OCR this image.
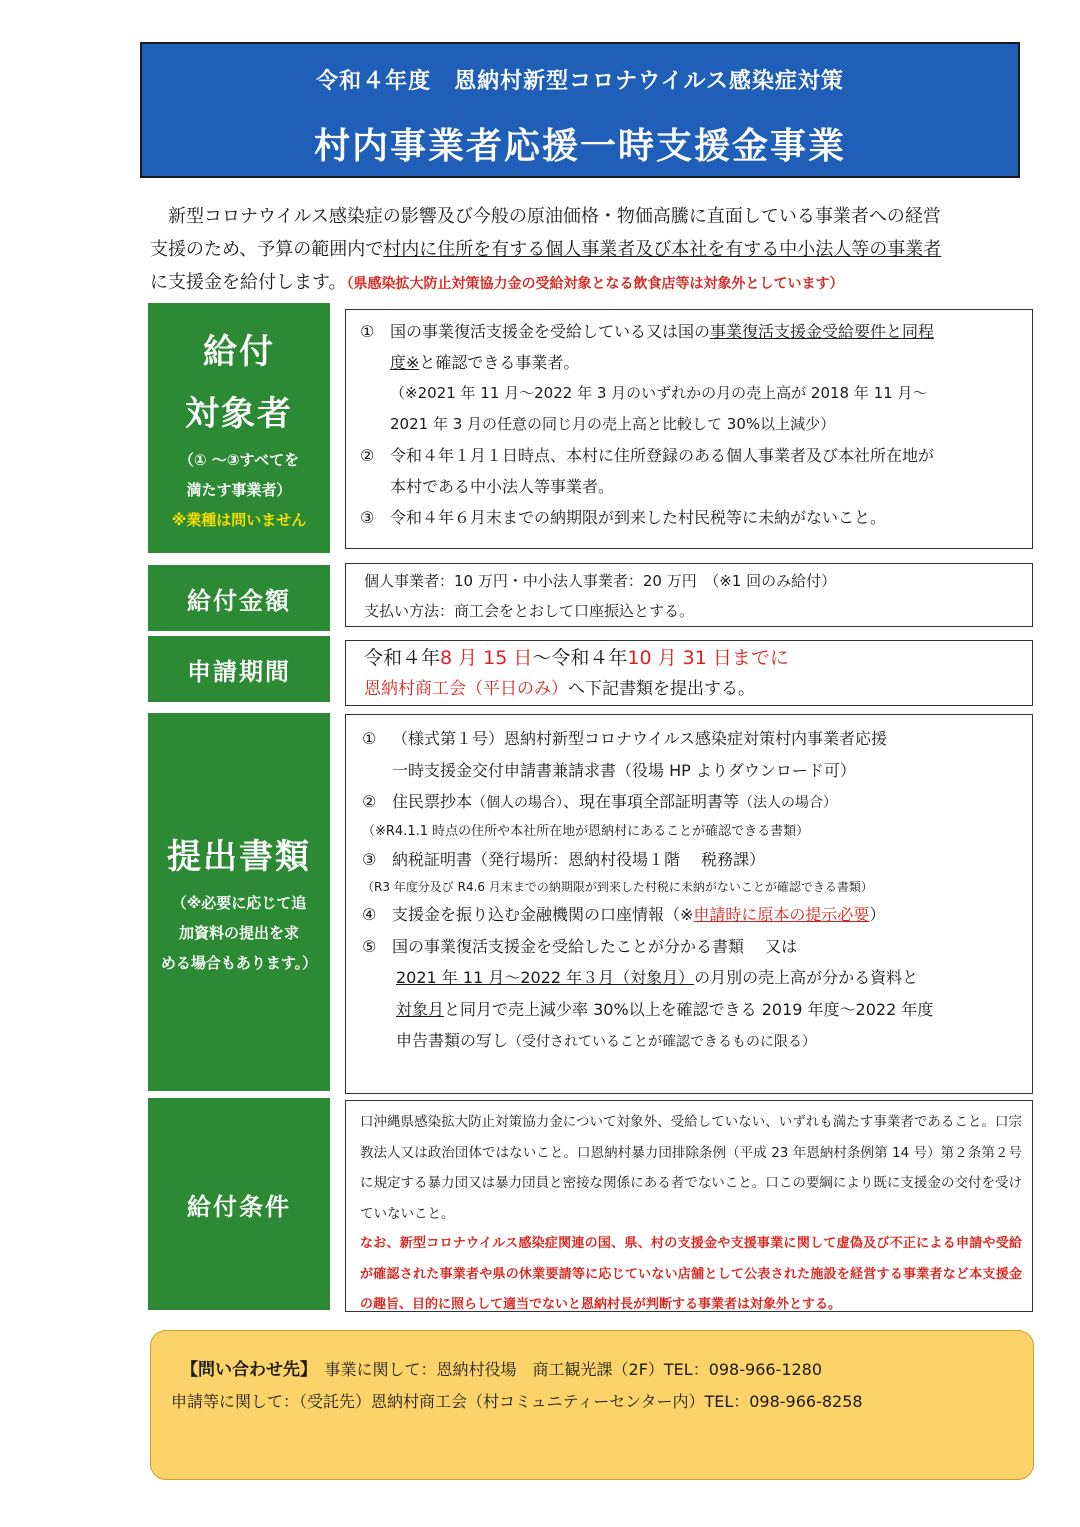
令和４年度　恩納村新型コロナウイルス感染症対策
村内事業者応援一時支援金事業

新型コロナウイルス感染症の影響及び今般の原油価格・物価高騰に直面している事業者への経営

支援のため、予算の範囲内で村内に住所を有する個人事業者及び本社を有する中小法人等の事業者

に支援金を給付します。（県感染拡大防止対策協力金の受給対象となる飲食店等は対象外としています）

給付
対象者
（① ～③すべてを
満たす事業者）
※業種は問いません
① 国の事業復活支援金を受給している又は国の事業復活支援金受給要件と同程
度※と確認できる事業者。
（※2021 年 11 月～2022 年 3 月のいずれかの月の売上高が 2018 年 11 月～
2021 年 3 月の任意の同じ月の売上高と比較して 30%以上減少）
② 令和４年１月１日時点、本村に住所登録のある個人事業者及び本社所在地が
本村である中小法人等事業者。
③ 令和４年６月末までの納期限が到来した村民税等に未納がないこと。
給付金額
個人事業者：10 万円・中小法人事業者：20 万円　（※1 回のみ給付）
支払い方法：商工会をとおして口座振込とする。
申請期間	令和４年8 月 15 日～令和４年10 月 31 日までに
恩納村商工会（平日のみ）へ下記書類を提出する。
提出書類
（※必要に応じて追
加資料の提出を求
める場合もあります。）
① （様式第１号）恩納村新型コロナウイルス感染症対策村内事業者応援
一時支援金交付申請書兼請求書（役場 HP よりダウンロード可）
② 住民票抄本（個人の場合）、現在事項全部証明書等（法人の場合）
（※R4.1.1 時点の住所や本社所在地が恩納村にあることが確認できる書類）
③ 納税証明書（発行場所：恩納村役場１階　 税務課）
（R3 年度分及び R4.6 月末までの納期限が到来した村税に未納がないことが確認できる書類）
④ 支援金を振り込む金融機関の口座情報（※申請時に原本の提示必要）
⑤ 国の事業復活支援金を受給したことが分かる書類　 又は
2021 年 11 月～2022 年３月（対象月）の月別の売上高が分かる資料と
対象月と同月で売上減少率 30%以上を確認できる 2019 年度～2022 年度
申告書類の写し（受付されていることが確認できるものに限る）
給付条件
口沖縄県感染拡大防止対策協力金について対象外、受給していない、いずれも満たす事業者であること。口宗教法人又は政治団体ではないこと。口恩納村暴力団排除条例（平成 23 年恩納村条例第 14 号）第２条第２号に規定する暴力団又は暴力団員と密接な関係にある者でないこと。口この要綱により既に支援金の交付を受けていないこと。
なお、新型コロナウイルス感染症関連の国、県、村の支援金や支援事業に関して虚偽及び不正による申請や受給が確認された事業者や県の休業要請等に応じていない店舗として公表された施設を経営する事業者など本支援金の趣旨、目的に照らして適当でないと恩納村長が判断する事業者は対象外とする。
【問い合わせ先】　 事業に関して：恩納村役場　商工観光課（2F）TEL：098-966-1280
申請等に関して：（受託先）恩納村商工会（村コミュニティーセンター内）TEL：098-966-8258
